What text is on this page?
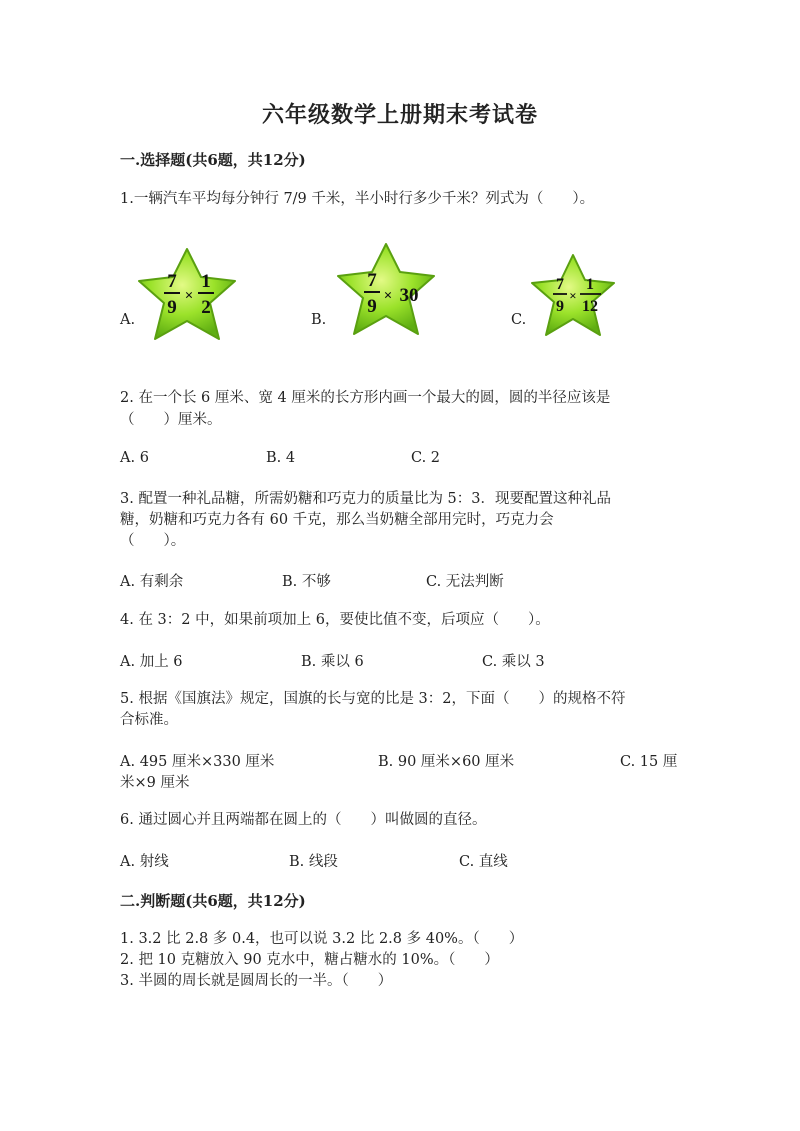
六年级数学上册期末考试卷
一.选择题(共6题，共12分)
1.一辆汽车平均每分钟行 7/9 千米，半小时行多少千米？列式为（　　）。
A.
7
9
×
1
2
B.
7
9 × 30
C.
7
9
×
1
12
2. 在一个长 6 厘米、宽 4 厘米的长方形内画一个最大的圆，圆的半径应该是
（　　）厘米。
A. 6	B. 4	C. 2
3. 配置一种礼品糖，所需奶糖和巧克力的质量比为 5：3．现要配置这种礼品
糖，奶糖和巧克力各有 60 千克，那么当奶糖全部用完时，巧克力会
（　　）。
A. 有剩余	B. 不够	C. 无法判断
4. 在 3：2 中，如果前项加上 6，要使比值不变，后项应（　　）。
A. 加上 6	B. 乘以 6	C. 乘以 3
5. 根据《国旗法》规定，国旗的长与宽的比是 3：2，下面（　　）的规格不符
合标准。
A. 495 厘米×330 厘米	B. 90 厘米×60 厘米	C. 15 厘
米×9 厘米
6. 通过圆心并且两端都在圆上的（　　）叫做圆的直径。
A. 射线	B. 线段	C. 直线
二.判断题(共6题，共12分)
1. 3.2 比 2.8 多 0.4，也可以说 3.2 比 2.8 多 40%。（　　）
2. 把 10 克糖放入 90 克水中，糖占糖水的 10%。（　　）
3. 半圆的周长就是圆周长的一半。（　　）
